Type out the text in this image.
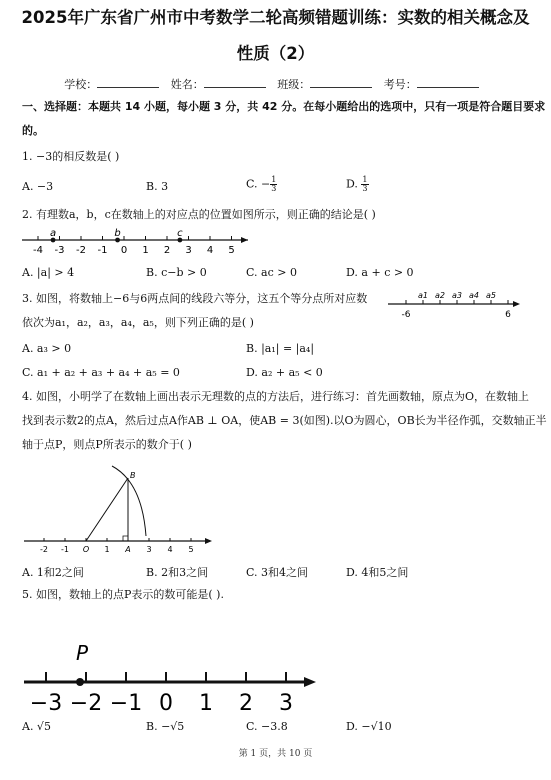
2025年广东省广州市中考数学二轮高频错题训练：实数的相关概念及
性质（2）
学校：	姓名：	班级：	考号：
一、选择题：本题共 14 小题，每小题 3 分，共 42 分。在每小题给出的选项中，只有一项是符合题目要求
的。
1. −3的相反数是( )
A. −3	B. 3	C. − $\frac{1}{3}$	D. $\frac{1}{3}$
2. 有理数a，b，c在数轴上的对应点的位置如图所示，则正确的结论是( )
-4 -3 -2 -1 0 1 2 3 4 5
a	b	c
A. |a| > 4	B. c−b > 0	C. ac > 0	D. a + c > 0
3. 如图，将数轴上−6与6两点间的线段六等分，这五个等分点所对应数
依次为a₁，a₂，a₃，a₄，a₅，则下列正确的是( )
-6	6
a1 a2 a3 a4 a5
A. a₃ > 0	B. |a₁| = |a₄|
C. a₁ + a₂ + a₃ + a₄ + a₅ = 0	D. a₂ + a₅ < 0
4. 如图，小明学了在数轴上画出表示无理数的点的方法后，进行练习：首先画数轴，原点为O，在数轴上
找到表示数2的点A，然后过点A作AB ⊥ OA，使AB = 3(如图).以O为圆心，OB长为半径作弧，交数轴正半
轴于点P，则点P所表示的数介于( )
-2 -1 O 1 A 3 4 5
B
A. 1和2之间	B. 2和3之间	C. 3和4之间	D. 4和5之间
5. 如图，数轴上的点P表示的数可能是( ).
−3 −2 −1 0 1 2 3
P
A. √5	B. −√5	C. −3.8	D. −√10
第 1 页，共 10 页
